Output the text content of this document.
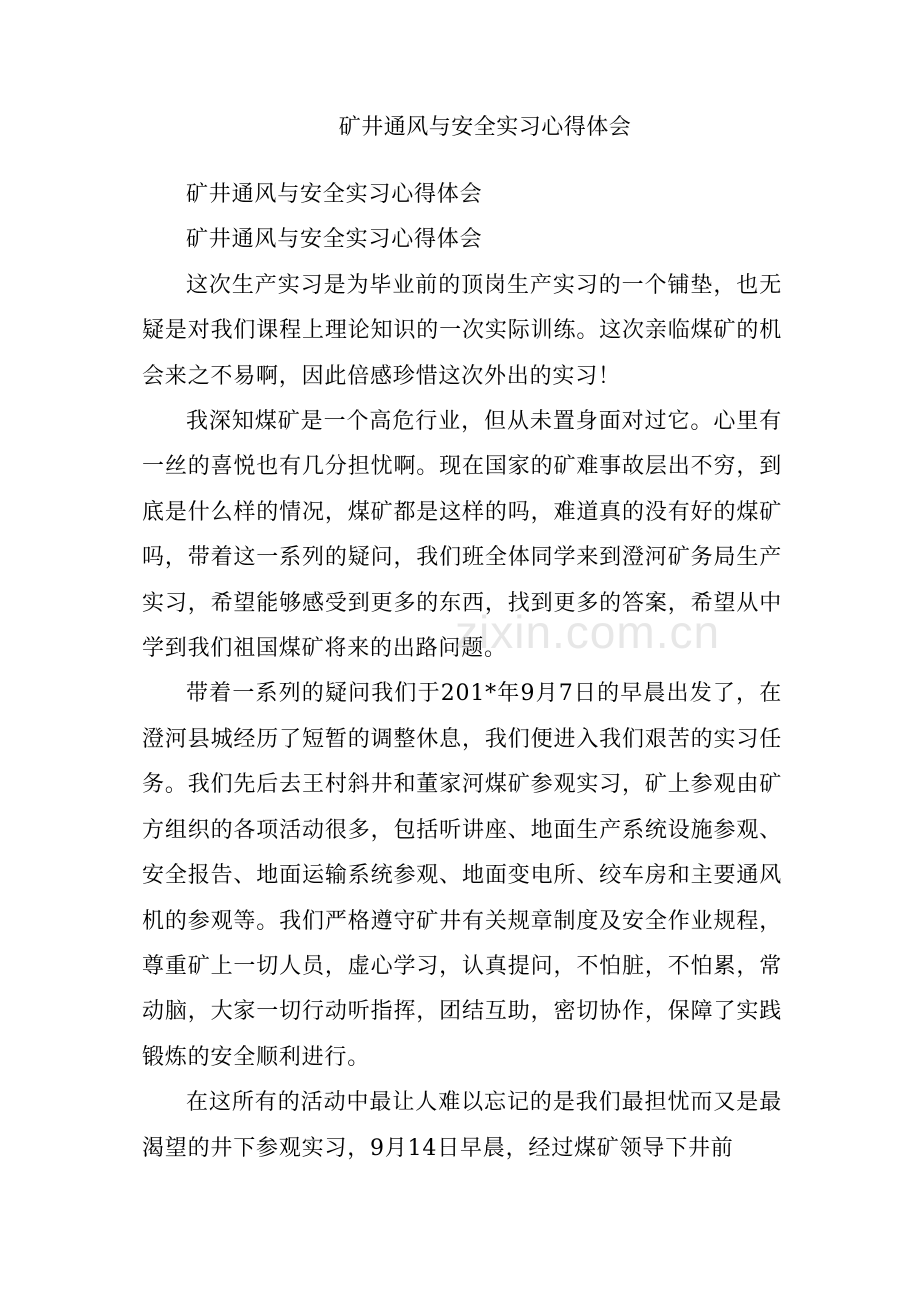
矿井通风与安全实习心得体会

矿井通风与安全实习心得体会

矿井通风与安全实习心得体会

这次生产实习是为毕业前的顶岗生产实习的一个铺垫，也无疑是对我们课程上理论知识的一次实际训练。这次亲临煤矿的机会来之不易啊，因此倍感珍惜这次外出的实习！

我深知煤矿是一个高危行业，但从未置身面对过它。心里有一丝的喜悦也有几分担忧啊。现在国家的矿难事故层出不穷，到底是什么样的情况，煤矿都是这样的吗，难道真的没有好的煤矿吗，带着这一系列的疑问，我们班全体同学来到澄河矿务局生产实习，希望能够感受到更多的东西，找到更多的答案，希望从中学到我们祖国煤矿将来的出路问题。

带着一系列的疑问我们于201*年9月7日的早晨出发了，在澄河县城经历了短暂的调整休息，我们便进入我们艰苦的实习任务。我们先后去王村斜井和董家河煤矿参观实习，矿上参观由矿方组织的各项活动很多，包括听讲座、地面生产系统设施参观、安全报告、地面运输系统参观、地面变电所、绞车房和主要通风机的参观等。我们严格遵守矿井有关规章制度及安全作业规程，尊重矿上一切人员，虚心学习，认真提问，不怕脏，不怕累，常动脑，大家一切行动听指挥，团结互助，密切协作，保障了实践锻炼的安全顺利进行。

在这所有的活动中最让人难以忘记的是我们最担忧而又是最渴望的井下参观实习，9月14日早晨，经过煤矿领导下井前

zixin.com.cn
